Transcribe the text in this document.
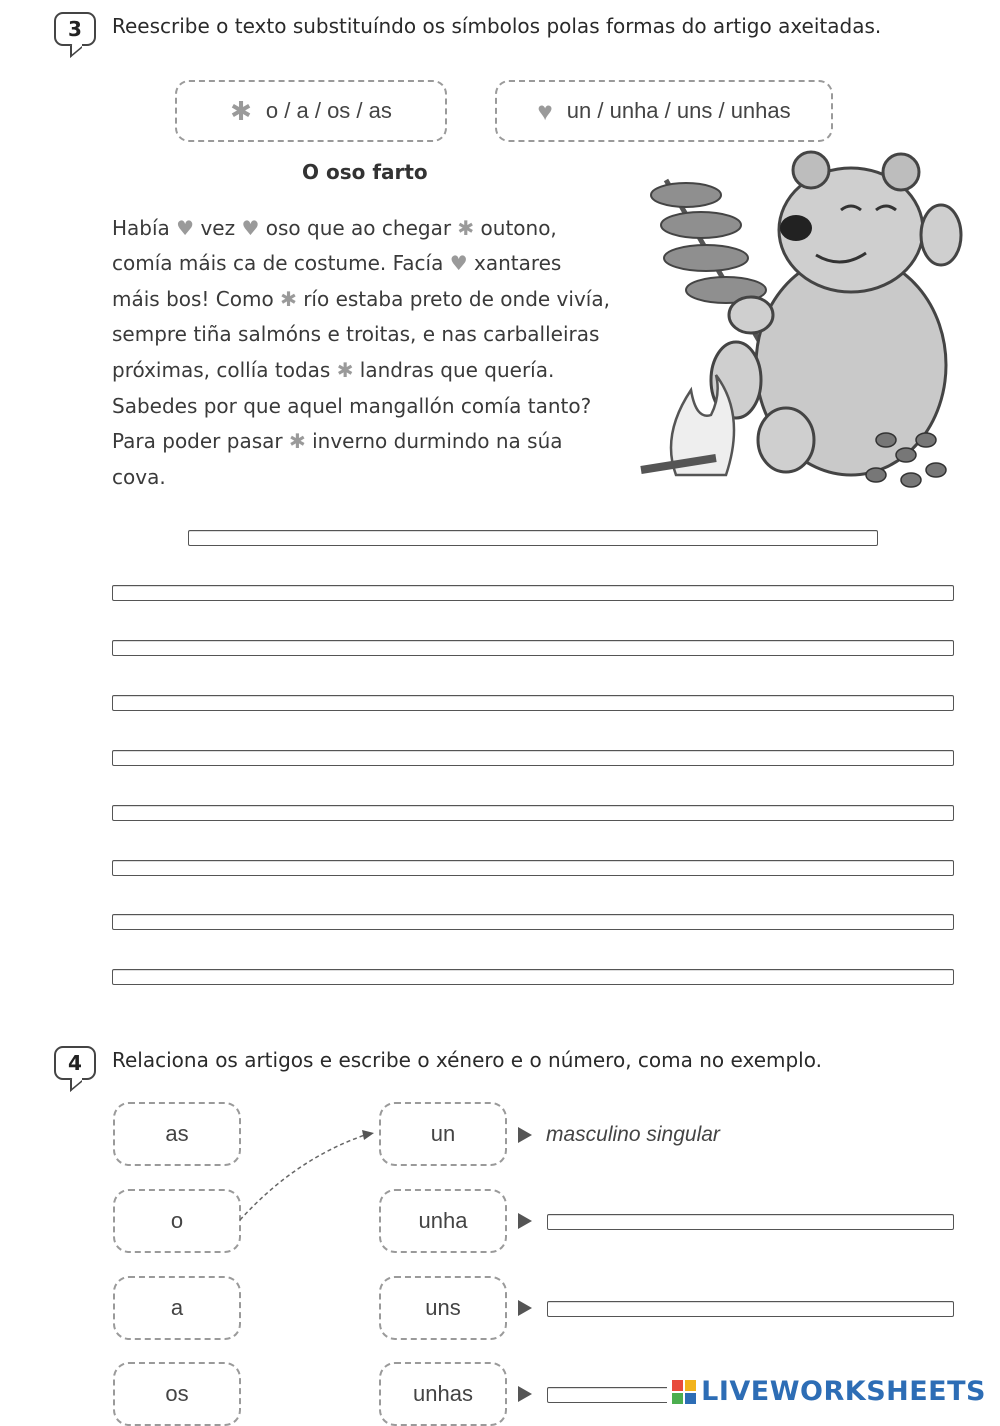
3 Reescribe o texto substituíndo os símbolos polas formas do artigo axeitadas.
✱ o / a / os / as	♥ un / unha / uns / unhas
O oso farto
Había ♥ vez ♥ oso que ao chegar ✱ outono,
comía máis ca de costume. Facía ♥ xantares
máis bos! Como ✱ río estaba preto de onde vivía,
sempre tiña salmóns e troitas, e nas carballeiras
próximas, collía todas ✱ landras que quería.
Sabedes por que aquel mangallón comía tanto?
Para poder pasar ✱ inverno durmindo na súa
cova.
4 Relaciona os artigos e escribe o xénero e o número, coma no exemplo.
as
o
a
os
un
unha
uns
unhas
masculino singular
LIVEWORKSHEETS
